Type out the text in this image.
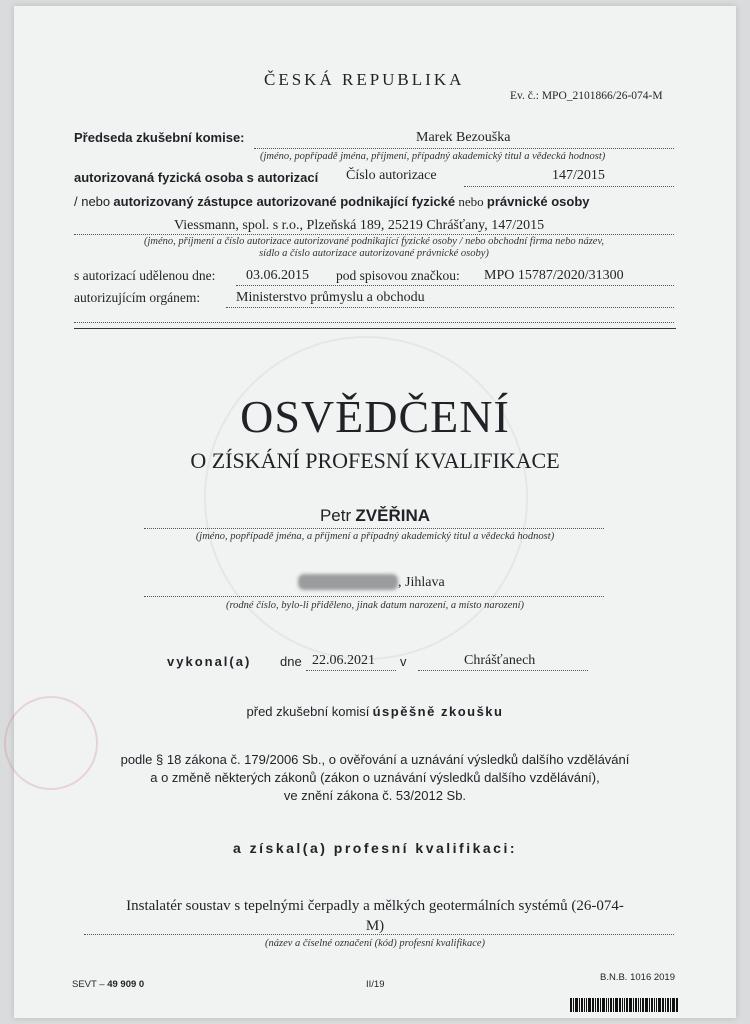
ČESKÁ REPUBLIKA
Ev. č.: MPO_2101866/26-074-M
Předseda zkušební komise:	Marek Bezouška
(jméno, popřípadě jména, příjmení, případný akademický titul a vědecká hodnost)
autorizovaná fyzická osoba s autorizací Číslo autorizace	147/2015
/ nebo autorizovaný zástupce autorizované podnikající fyzické nebo právnické osoby
Viessmann, spol. s r.o., Plzeňská 189, 25219 Chrášťany, 147/2015
(jméno, příjmení a číslo autorizace autorizované podnikající fyzické osoby / nebo obchodní firma nebo název,
sídlo a číslo autorizace autorizované právnické osoby)
s autorizací udělenou dne: 03.06.2015 pod spisovou značkou: MPO 15787/2020/31300
autorizujícím orgánem:	Ministerstvo průmyslu a obchodu
OSVĚDČENÍ
O ZÍSKÁNÍ PROFESNÍ KVALIFIKACE
Petr ZVĚŘINA
(jméno, popřípadě jména, a příjmení a případný akademický titul a vědecká hodnost)
, Jihlava
(rodné číslo, bylo-li přiděleno, jinak datum narození, a místo narození)
vykonal(a) dne 22.06.2021 v	Chrášťanech
před zkušební komisí úspěšně zkoušku
podle § 18 zákona č. 179/2006 Sb., o ověřování a uznávání výsledků dalšího vzdělávání
a o změně některých zákonů (zákon o uznávání výsledků dalšího vzdělávání),
ve znění zákona č. 53/2012 Sb.
a získal(a) profesní kvalifikaci:
Instalatér soustav s tepelnými čerpadly a mělkých geotermálních systémů (26-074-
M)
(název a číselné označení (kód) profesní kvalifikace)
SEVT – 49 909 0	II/19
B.N.B. 1016 2019
